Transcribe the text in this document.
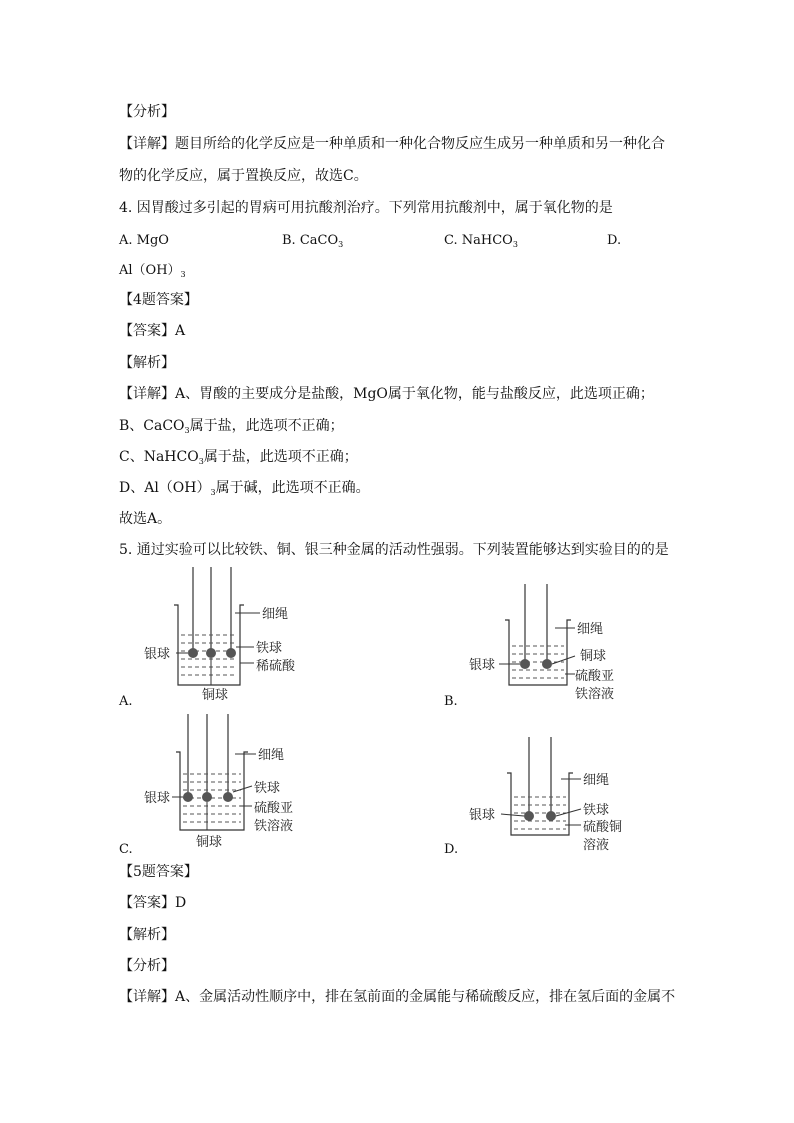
【分析】
【详解】题目所给的化学反应是一种单质和一种化合物反应生成另一种单质和另一种化合
物的化学反应，属于置换反应，故选C。
4. 因胃酸过多引起的胃病可用抗酸剂治疗。下列常用抗酸剂中，属于氧化物的是
A. MgO	B. CaCO$_3$	C. NaHCO$_3$	D.
$Al(OH)_3$
【4题答案】
【答案】A
【解析】
【详解】A、胃酸的主要成分是盐酸，MgO属于氧化物，能与盐酸反应，此选项正确；
B、CaCO$_3$属于盐，此选项不正确；
C、NaHCO$_3$属于盐，此选项不正确；
D、$Al(OH)_3$属于碱，此选项不正确。
故选A。
5. 通过实验可以比较铁、铜、银三种金属的活动性强弱。下列装置能够达到实验目的的是
细绳
银球	铁球
稀硫酸
铜球
A.
细绳
银球
铜球
硫酸亚
铁溶液
B.
细绳
银球
铁球
硫酸亚
铁溶液
铜球
C.
细绳
银球	铁球
硫酸铜
溶液
D.
【5题答案】
【答案】D
【解析】
【分析】
【详解】A、金属活动性顺序中，排在氢前面的金属能与稀硫酸反应，排在氢后面的金属不
